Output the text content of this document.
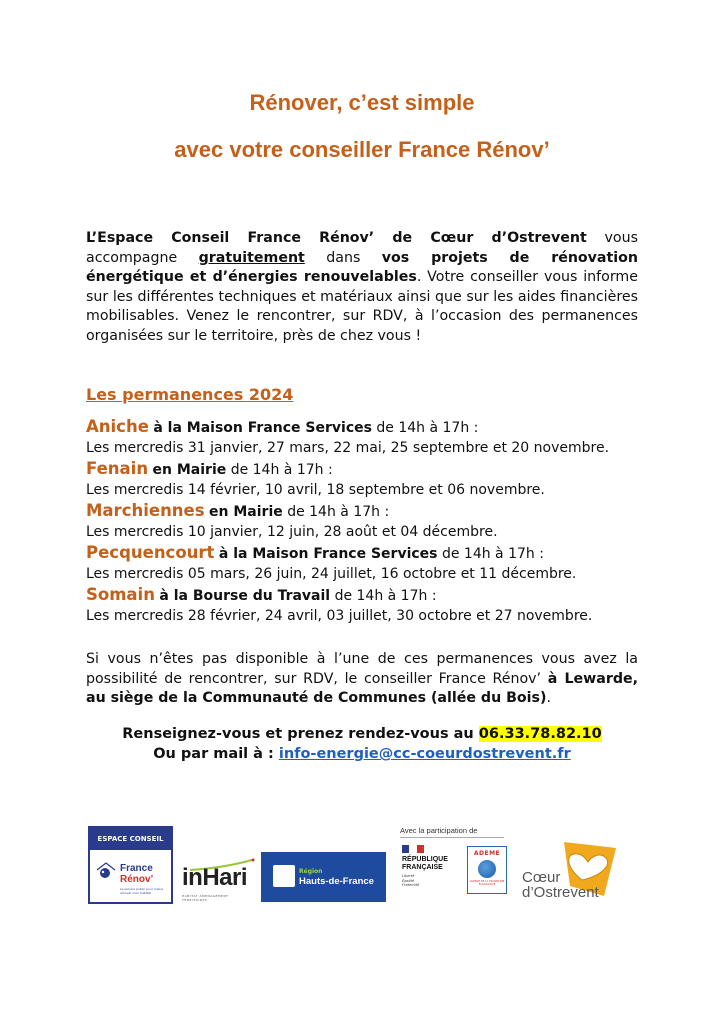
Rénover, c’est simple
avec votre conseiller France Rénov’

L’Espace Conseil France Rénov’ de Cœur d’Ostrevent vous accompagne gratuitement dans vos projets de rénovation énergétique et d’énergies renouvelables. Votre conseiller vous informe sur les différentes techniques et matériaux ainsi que sur les aides financières mobilisables. Venez le rencontrer, sur RDV, à l’occasion des permanences organisées sur le territoire, près de chez vous !

Les permanences 2024
Aniche à la Maison France Services de 14h à 17h :
Les mercredis 31 janvier, 27 mars, 22 mai, 25 septembre et 20 novembre.
Fenain en Mairie de 14h à 17h :
Les mercredis 14 février, 10 avril, 18 septembre et 06 novembre.
Marchiennes en Mairie de 14h à 17h :
Les mercredis 10 janvier, 12 juin, 28 août et 04 décembre.
Pecquencourt à la Maison France Services de 14h à 17h :
Les mercredis 05 mars, 26 juin, 24 juillet, 16 octobre et 11 décembre.
Somain à la Bourse du Travail de 14h à 17h :
Les mercredis 28 février, 24 avril, 03 juillet, 30 octobre et 27 novembre.

Si vous n’êtes pas disponible à l’une de ces permanences vous avez la possibilité de rencontrer, sur RDV, le conseiller France Rénov’ à Lewarde, au siège de la Communauté de Communes (allée du Bois).

Renseignez-vous et prenez rendez-vous au 06.33.78.82.10
Ou par mail à : info-energie@cc-coeurdostrevent.fr
ESPACE CONSEIL
France
Rénov’
Le service public pour mieux rénover mon habitat
inHari
HABITAT AMENAGEMENT TERRITOIRES
Région
Hauts-de-France
Avec la participation de
RÉPUBLIQUE
FRANÇAISE
Liberté
Égalité
Fraternité
ADEME
AGENCE DE LA TRANSITION ÉCOLOGIQUE	Cœur
d’Ostrevent
